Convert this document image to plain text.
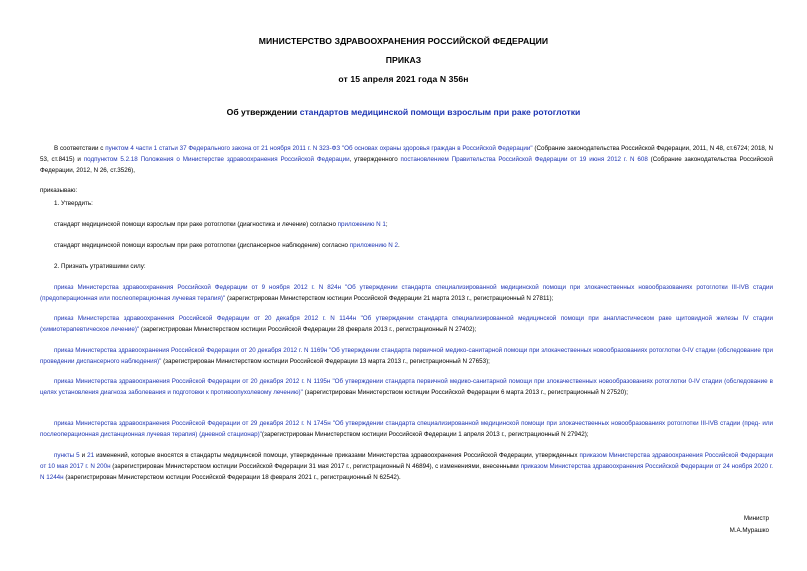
МИНИСТЕРСТВО ЗДРАВООХРАНЕНИЯ РОССИЙСКОЙ ФЕДЕРАЦИИ
ПРИКАЗ
от 15 апреля 2021 года N 356н
Об утверждении стандартов медицинской помощи взрослым при раке ротоглотки

В соответствии с пунктом 4 части 1 статьи 37 Федерального закона от 21 ноября 2011 г. N 323-ФЗ "Об основах охраны здоровья граждан в Российской Федерации" (Собрание законодательства Российской Федерации, 2011, N 48, ст.6724; 2018, N 53, ст.8415) и подпунктом 5.2.18 Положения о Министерстве здравоохранения Российской Федерации, утвержденного постановлением Правительства Российской Федерации от 19 июня 2012 г. N 608 (Собрание законодательства Российской Федерации, 2012, N 26, ст.3526),

приказываю:

1. Утвердить:

стандарт медицинской помощи взрослым при раке ротоглотки (диагностика и лечение) согласно приложению N 1;

стандарт медицинской помощи взрослым при раке ротоглотки (диспансерное наблюдение) согласно приложению N 2.

2. Признать утратившими силу:

приказ Министерства здравоохранения Российской Федерации от 9 ноября 2012 г. N 824н "Об утверждении стандарта специализированной медицинской помощи при злокачественных новообразованиях ротоглотки III-IVB стадии (предоперационная или послеоперационная лучевая терапия)" (зарегистрирован Министерством юстиции Российской Федерации 21 марта 2013 г., регистрационный N 27811);

приказ Министерства здравоохранения Российской Федерации от 20 декабря 2012 г. N 1144н "Об утверждении стандарта специализированной медицинской помощи при анапластическом раке щитовидной железы IV стадии (химиотерапевтическое лечение)" (зарегистрирован Министерством юстиции Российской Федерации 28 февраля 2013 г., регистрационный N 27402);

приказ Министерства здравоохранения Российской Федерации от 20 декабря 2012 г. N 1169н "Об утверждении стандарта первичной медико-санитарной помощи при злокачественных новообразованиях ротоглотки 0-IV стадии (обследование при проведении диспансерного наблюдения)" (зарегистрирован Министерством юстиции Российской Федерации 13 марта 2013 г., регистрационный N 27653);

приказ Министерства здравоохранения Российской Федерации от 20 декабря 2012 г. N 1195н "Об утверждении стандарта первичной медико-санитарной помощи при злокачественных новообразованиях ротоглотки 0-IV стадии (обследование в целях установления диагноза заболевания и подготовки к противоопухолевому лечению)" (зарегистрирован Министерством юстиции Российской Федерации 6 марта 2013 г., регистрационный N 27520);

приказ Министерства здравоохранения Российской Федерации от 29 декабря 2012 г. N 1745н "Об утверждении стандарта специализированной медицинской помощи при злокачественных новообразованиях ротоглотки III-IVB стадии (пред- или послеоперационная дистанционная лучевая терапия) (дневной стационар)"(зарегистрирован Министерством юстиции Российской Федерации 1 апреля 2013 г., регистрационный N 27942);

пункты 5 и 21 изменений, которые вносятся в стандарты медицинской помощи, утвержденные приказами Министерства здравоохранения Российской Федерации, утвержденных приказом Министерства здравоохранения Российской Федерации от 10 мая 2017 г. N 200н (зарегистрирован Министерством юстиции Российской Федерации 31 мая 2017 г., регистрационный N 46894), с изменениями, внесенными приказом Министерства здравоохранения Российской Федерации от 24 ноября 2020 г. N 1244н (зарегистрирован Министерством юстиции Российской Федерации 18 февраля 2021 г., регистрационный N 62542).

Министр
М.А.Мурашко
